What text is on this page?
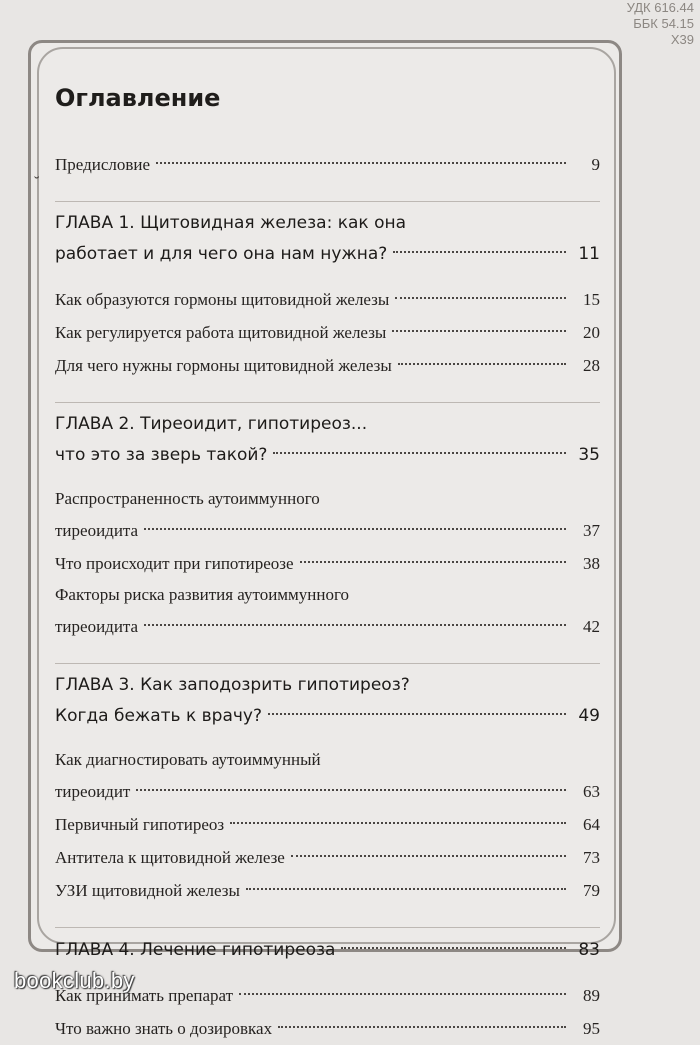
УДК 616.44
ББК 54.15
Х39
˘
Оглавление
Предисловие	9
ГЛАВА 1. Щитовидная железа: как она
работает и для чего она нам нужна?	11
Как образуются гормоны щитовидной железы	15
Как регулируется работа щитовидной железы	20
Для чего нужны гормоны щитовидной железы	28
ГЛАВА 2. Тиреоидит, гипотиреоз...
что это за зверь такой?	35
Распространенность аутоиммунного
тиреоидита	37
Что происходит при гипотиреозе	38
Факторы риска развития аутоиммунного
тиреоидита	42
ГЛАВА 3. Как заподозрить гипотиреоз?
Когда бежать к врачу?	49
Как диагностировать аутоиммунный
тиреоидит	63
Первичный гипотиреоз	64
Антитела к щитовидной железе	73
УЗИ щитовидной железы	79
ГЛАВА 4. Лечение гипотиреоза	83
Как принимать препарат	89
Что важно знать о дозировках	95
bookclub.by
